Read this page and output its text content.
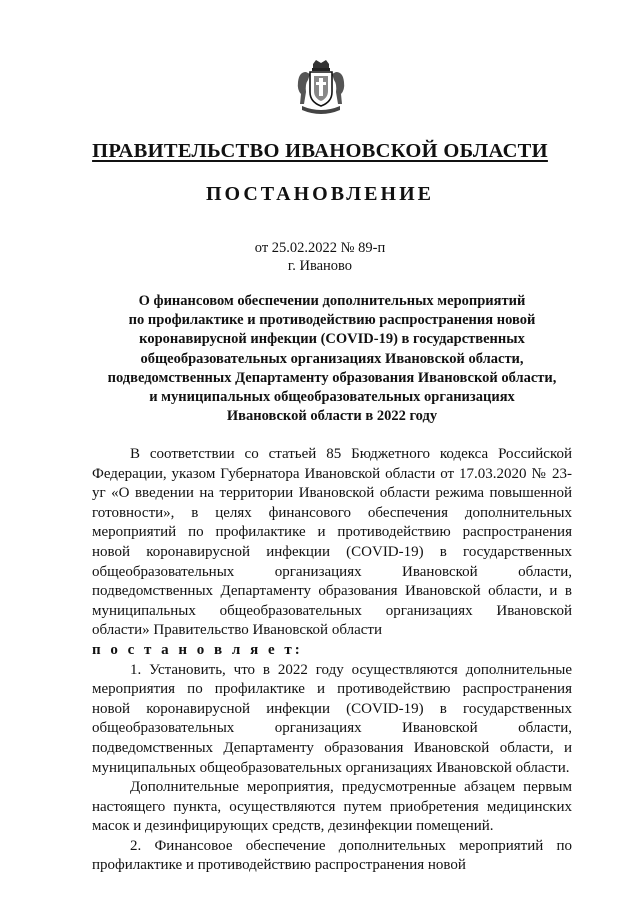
ПРАВИТЕЛЬСТВО ИВАНОВСКОЙ ОБЛАСТИ
ПОСТАНОВЛЕНИЕ
от 25.02.2022 № 89-п
г. Иваново
О финансовом обеспечении дополнительных мероприятий
по профилактике и противодействию распространения новой
коронавирусной инфекции (COVID-19) в государственных
общеобразовательных организациях Ивановской области,
подведомственных Департаменту образования Ивановской области,
и муниципальных общеобразовательных организациях
Ивановской области в 2022 году

В соответствии со статьей 85 Бюджетного кодекса Российской Федерации, указом Губернатора Ивановской области от 17.03.2020 № 23-уг «О введении на территории Ивановской области режима повышенной готовности», в целях финансового обеспечения дополнительных мероприятий по профилактике и противодействию распространения новой коронавирусной инфекции (COVID-19) в государственных общеобразовательных организациях Ивановской области, подведомственных Департаменту образования Ивановской области, и в муниципальных общеобразовательных организациях Ивановской области» Правительство Ивановской области

п о с т а н о в л я е т:

1. Установить, что в 2022 году осуществляются дополнительные мероприятия по профилактике и противодействию распространения новой коронавирусной инфекции (COVID-19) в государственных общеобразовательных организациях Ивановской области, подведомственных Департаменту образования Ивановской области, и муниципальных общеобразовательных организациях Ивановской области.

Дополнительные мероприятия, предусмотренные абзацем первым настоящего пункта, осуществляются путем приобретения медицинских масок и дезинфицирующих средств, дезинфекции помещений.

2. Финансовое обеспечение дополнительных мероприятий по профилактике и противодействию распространения новой
